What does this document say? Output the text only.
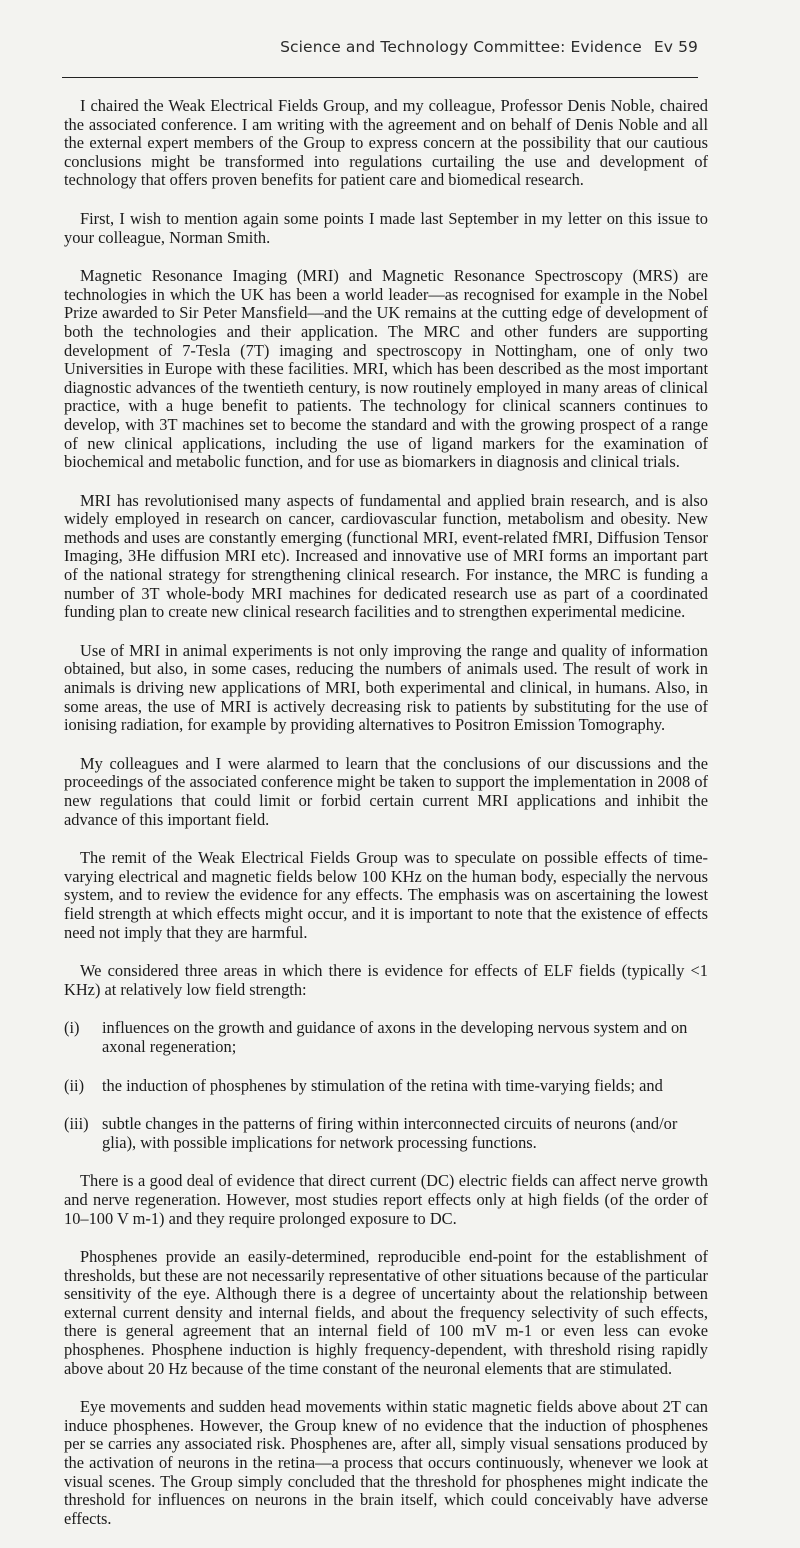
Science and Technology Committee: Evidence Ev 59

I chaired the Weak Electrical Fields Group, and my colleague, Professor Denis Noble, chaired the associated conference. I am writing with the agreement and on behalf of Denis Noble and all the external expert members of the Group to express concern at the possibility that our cautious conclusions might be transformed into regulations curtailing the use and development of technology that offers proven benefits for patient care and biomedical research.

First, I wish to mention again some points I made last September in my letter on this issue to your colleague, Norman Smith.

Magnetic Resonance Imaging (MRI) and Magnetic Resonance Spectroscopy (MRS) are technologies in which the UK has been a world leader—as recognised for example in the Nobel Prize awarded to Sir Peter Mansfield—and the UK remains at the cutting edge of development of both the technologies and their application. The MRC and other funders are supporting development of 7-Tesla (7T) imaging and spectroscopy in Nottingham, one of only two Universities in Europe with these facilities. MRI, which has been described as the most important diagnostic advances of the twentieth century, is now routinely employed in many areas of clinical practice, with a huge benefit to patients. The technology for clinical scanners continues to develop, with 3T machines set to become the standard and with the growing prospect of a range of new clinical applications, including the use of ligand markers for the examination of biochemical and metabolic function, and for use as biomarkers in diagnosis and clinical trials.

MRI has revolutionised many aspects of fundamental and applied brain research, and is also widely employed in research on cancer, cardiovascular function, metabolism and obesity. New methods and uses are constantly emerging (functional MRI, event-related fMRI, Diffusion Tensor Imaging, 3He diffusion MRI etc). Increased and innovative use of MRI forms an important part of the national strategy for strengthening clinical research. For instance, the MRC is funding a number of 3T whole-body MRI machines for dedicated research use as part of a coordinated funding plan to create new clinical research facilities and to strengthen experimental medicine.

Use of MRI in animal experiments is not only improving the range and quality of information obtained, but also, in some cases, reducing the numbers of animals used. The result of work in animals is driving new applications of MRI, both experimental and clinical, in humans. Also, in some areas, the use of MRI is actively decreasing risk to patients by substituting for the use of ionising radiation, for example by providing alternatives to Positron Emission Tomography.

My colleagues and I were alarmed to learn that the conclusions of our discussions and the proceedings of the associated conference might be taken to support the implementation in 2008 of new regulations that could limit or forbid certain current MRI applications and inhibit the advance of this important field.

The remit of the Weak Electrical Fields Group was to speculate on possible effects of time-varying electrical and magnetic fields below 100 KHz on the human body, especially the nervous system, and to review the evidence for any effects. The emphasis was on ascertaining the lowest field strength at which effects might occur, and it is important to note that the existence of effects need not imply that they are harmful.

We considered three areas in which there is evidence for effects of ELF fields (typically <1 KHz) at relatively low field strength:

(i) influences on the growth and guidance of axons in the developing nervous system and on axonal regeneration;
(ii) the induction of phosphenes by stimulation of the retina with time-varying fields; and
(iii) subtle changes in the patterns of firing within interconnected circuits of neurons (and/or glia), with possible implications for network processing functions.

There is a good deal of evidence that direct current (DC) electric fields can affect nerve growth and nerve regeneration. However, most studies report effects only at high fields (of the order of 10–100 V m-1) and they require prolonged exposure to DC.

Phosphenes provide an easily-determined, reproducible end-point for the establishment of thresholds, but these are not necessarily representative of other situations because of the particular sensitivity of the eye. Although there is a degree of uncertainty about the relationship between external current density and internal fields, and about the frequency selectivity of such effects, there is general agreement that an internal field of 100 mV m-1 or even less can evoke phosphenes. Phosphene induction is highly frequency-dependent, with threshold rising rapidly above about 20 Hz because of the time constant of the neuronal elements that are stimulated.

Eye movements and sudden head movements within static magnetic fields above about 2T can induce phosphenes. However, the Group knew of no evidence that the induction of phosphenes per se carries any associated risk. Phosphenes are, after all, simply visual sensations produced by the activation of neurons in the retina—a process that occurs continuously, whenever we look at visual scenes. The Group simply concluded that the threshold for phosphenes might indicate the threshold for influences on neurons in the brain itself, which could conceivably have adverse effects.
